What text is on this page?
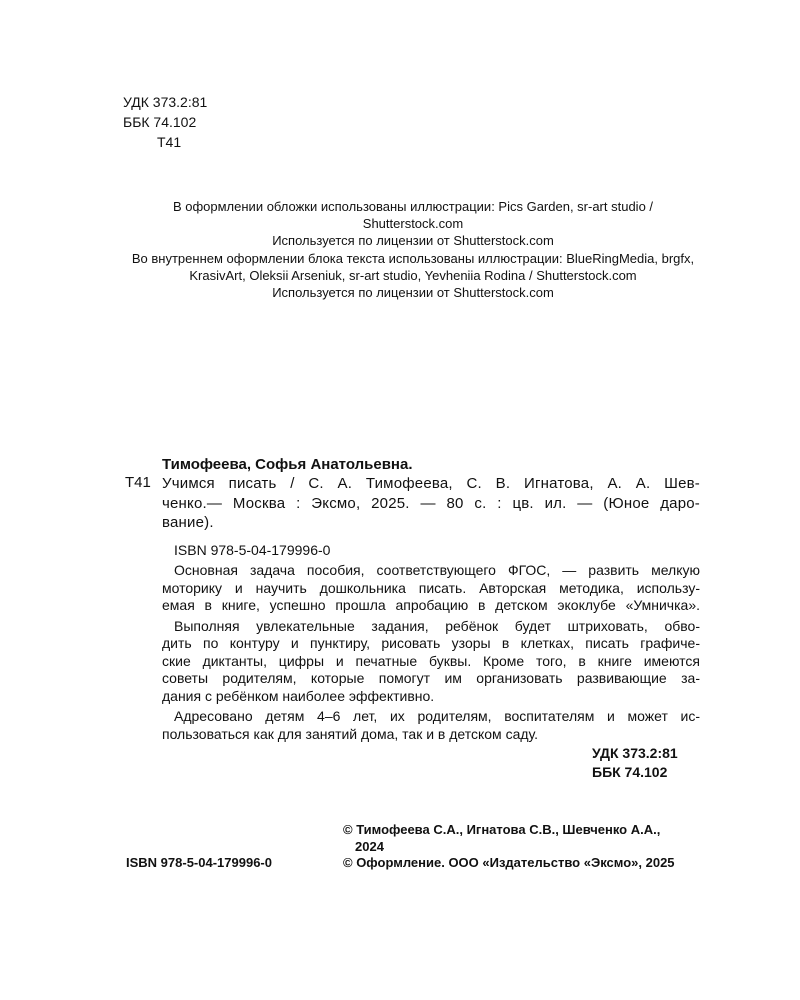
УДК 373.2:81
ББК 74.102
Т41
В оформлении обложки использованы иллюстрации: Pics Garden, sr-art studio /
Shutterstock.com
Используется по лицензии от Shutterstock.com
Во внутреннем оформлении блока текста использованы иллюстрации: BlueRingMedia, brgfx,
KrasivArt, Oleksii Arseniuk, sr-art studio, Yevheniia Rodina / Shutterstock.com
Используется по лицензии от Shutterstock.com
Тимофеева, Софья Анатольевна.
Т41 Учимся писать / С. А. Тимофеева, С. В. Игнатова, А. А. Шев-
ченко.— Москва : Эксмо, 2025. — 80 с. : цв. ил. — (Юное даро-
вание).
ISBN 978-5-04-179996-0
Основная задача пособия, соответствующего ФГОС, — развить мелкую
моторику и научить дошкольника писать. Авторская методика, использу-
емая в книге, успешно прошла апробацию в детском экоклубе «Умничка».
Выполняя увлекательные задания, ребёнок будет штриховать, обво-
дить по контуру и пунктиру, рисовать узоры в клетках, писать графиче-
ские диктанты, цифры и печатные буквы. Кроме того, в книге имеются
советы родителям, которые помогут им организовать развивающие за-
дания с ребёнком наиболее эффективно.
Адресовано детям 4–6 лет, их родителям, воспитателям и может ис-
пользоваться как для занятий дома, так и в детском саду.
УДК 373.2:81
ББК 74.102
© Тимофеева С.А., Игнатова С.В., Шевченко А.А.,
2024
© Оформление. ООО «Издательство «Эксмо», 2025
ISBN 978-5-04-179996-0
